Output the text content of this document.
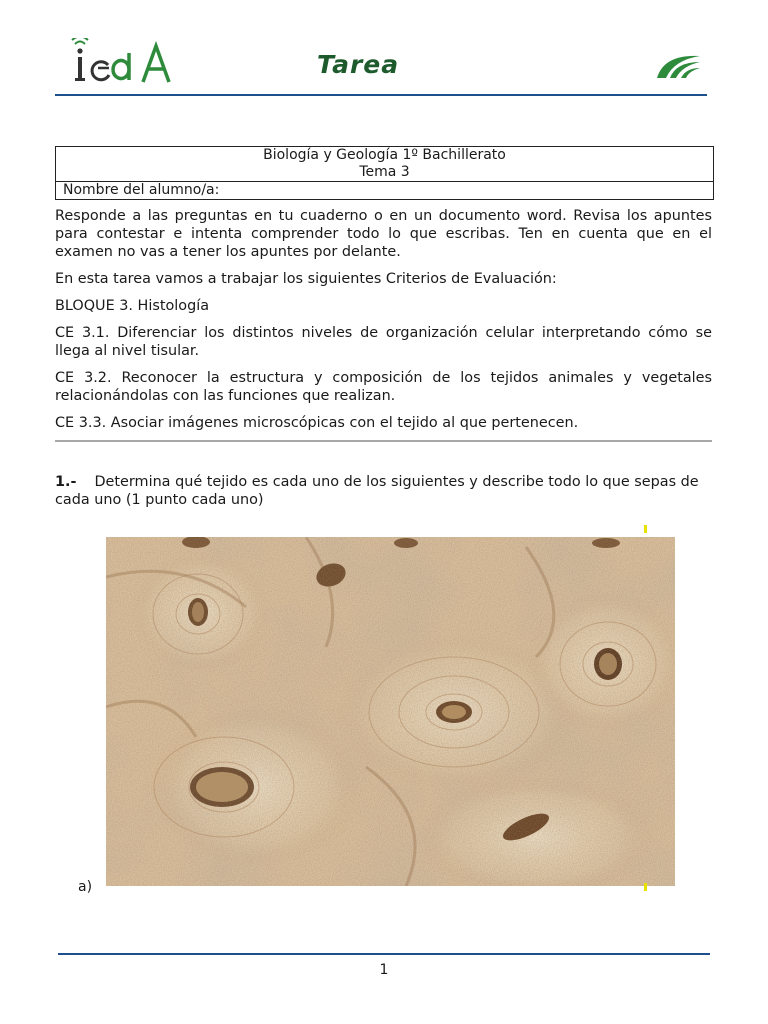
Tarea
Biología y Geología 1º Bachillerato
Tema 3

Nombre del alumno/a:

Responde a las preguntas en tu cuaderno o en un documento word. Revisa los apuntes para contestar e intenta comprender todo lo que escribas. Ten en cuenta que en el examen no vas a tener los apuntes por delante.

En esta tarea vamos a trabajar los siguientes Criterios de Evaluación:

BLOQUE 3. Histología

CE 3.1. Diferenciar los distintos niveles de organización celular interpretando cómo se llega al nivel tisular.

CE 3.2. Reconocer la estructura y composición de los tejidos animales y vegetales relacionándolas con las funciones que realizan.

CE 3.3. Asociar imágenes microscópicas con el tejido al que pertenecen.

1.- Determina qué tejido es cada uno de los siguientes y describe todo lo que sepas de cada uno (1 punto cada uno)
a)
1
